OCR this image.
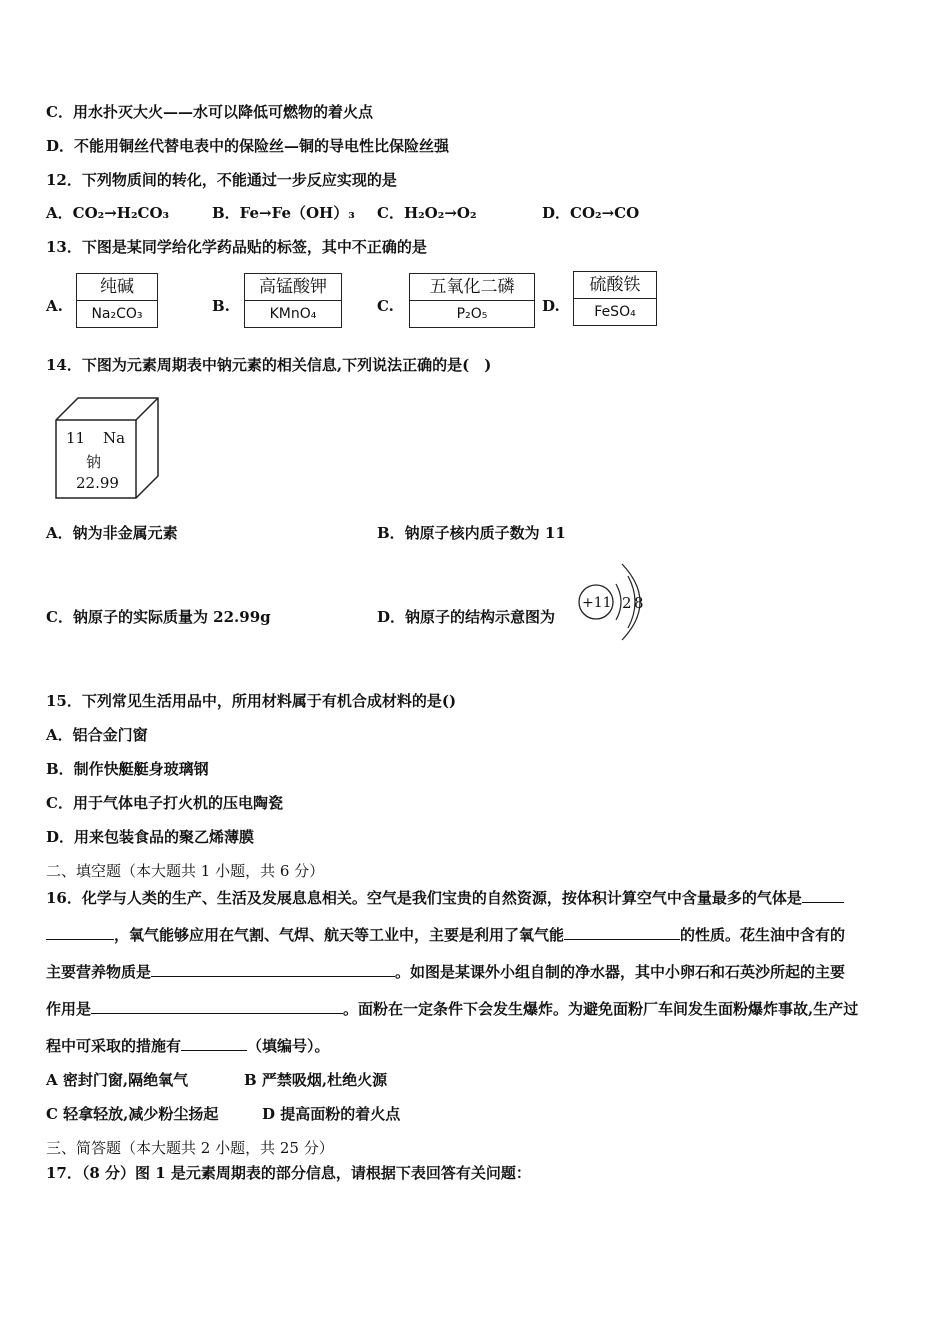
C．用水扑灭大火——水可以降低可燃物的着火点
D．不能用铜丝代替电表中的保险丝—铜的导电性比保险丝强
12．下列物质间的转化，不能通过一步反应实现的是
A．CO₂→H₂CO₃	B．Fe→Fe（OH）₃ C．H₂O₂→O₂	D．CO₂→CO
13．下图是某同学给化学药品贴的标签，其中不正确的是
A.
纯碱
Na₂CO₃	B.
高锰酸钾
KMnO₄	C.
五氧化二磷
P₂O₅	D.
硫酸铁
FeSO₄
14．下图为元素周期表中钠元素的相关信息,下列说法正确的是(　)
11 Na
钠
22.99
A．钠为非金属元素	B．钠原子核内质子数为 11
C．钠原子的实际质量为 22.99g	D．钠原子的结构示意图为
+11 2 8
15．下列常见生活用品中，所用材料属于有机合成材料的是()
A．铝合金门窗
B．制作快艇艇身玻璃钢
C．用于气体电子打火机的压电陶瓷
D．用来包装食品的聚乙烯薄膜
二、填空题（本大题共 1 小题，共 6 分）
16．化学与人类的生产、生活及发展息息相关。空气是我们宝贵的自然资源，按体积计算空气中含量最多的气体是
，氧气能够应用在气割、气焊、航天等工业中，主要是利用了氧气能	的性质。花生油中含有的
主要营养物质是	。如图是某课外小组自制的净水器，其中小卵石和石英沙所起的主要
作用是	。面粉在一定条件下会发生爆炸。为避免面粉厂车间发生面粉爆炸事故,生产过
程中可采取的措施有	（填编号）。
A 密封门窗,隔绝氧气	B 严禁吸烟,杜绝火源
C 轻拿轻放,减少粉尘扬起	D 提高面粉的着火点
三、简答题（本大题共 2 小题，共 25 分）
17．（8 分）图 1 是元素周期表的部分信息，请根据下表回答有关问题：
